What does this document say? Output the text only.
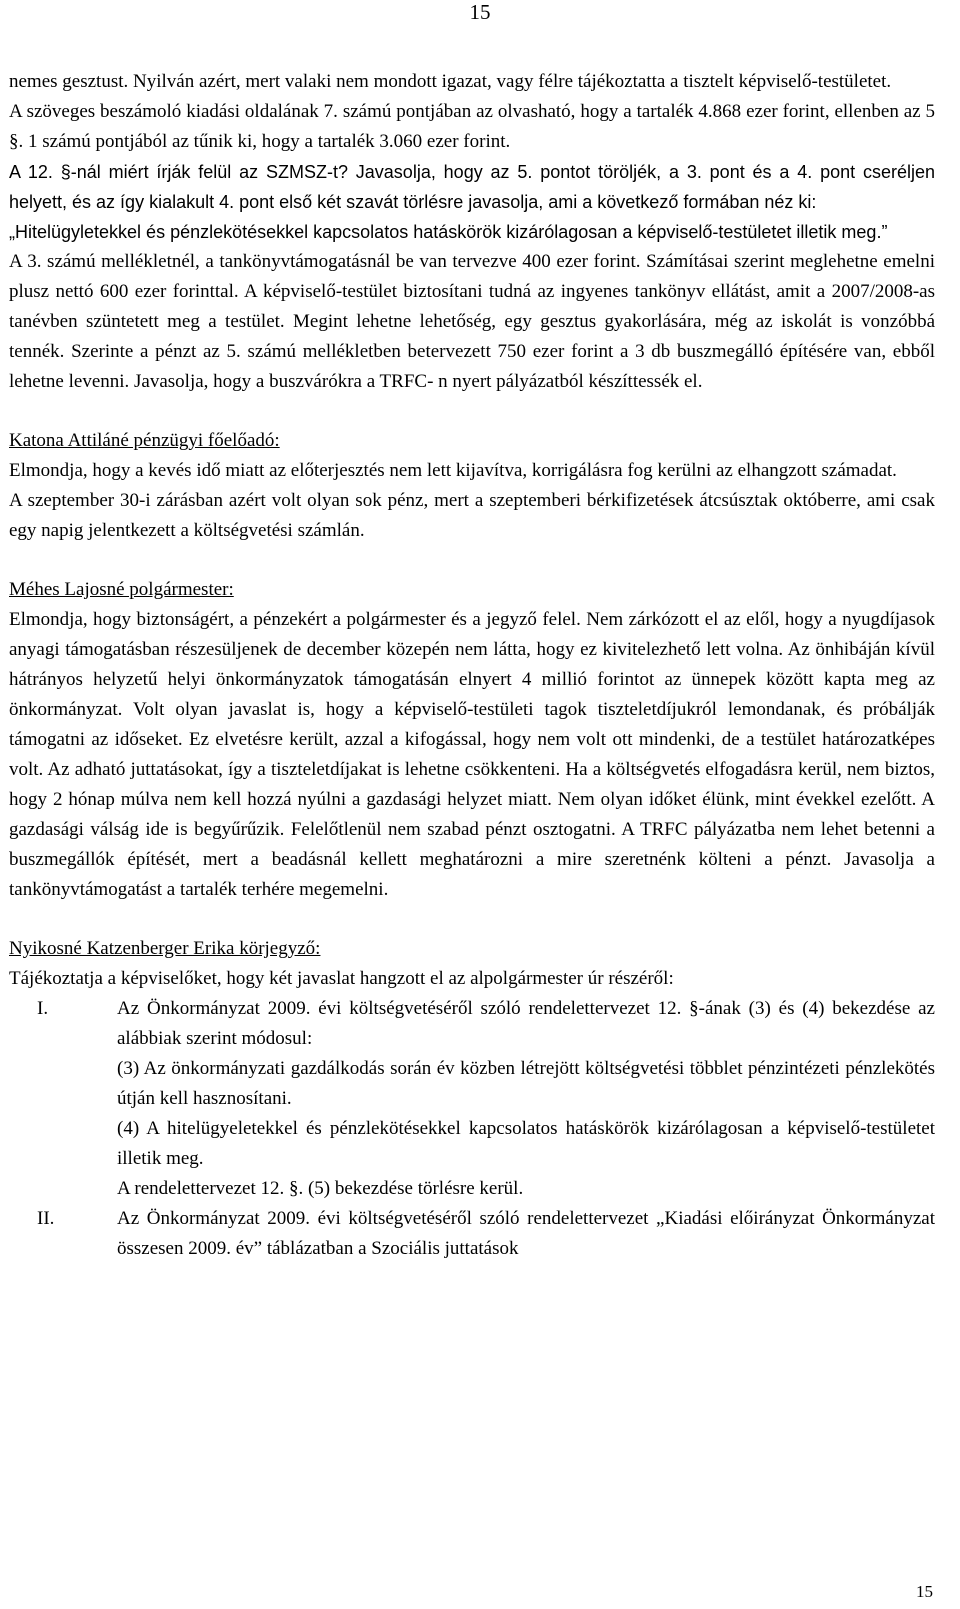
15

nemes gesztust. Nyilván azért, mert valaki nem mondott igazat, vagy félre tájékoztatta a tisztelt képviselő-testületet.

A szöveges beszámoló kiadási oldalának 7. számú pontjában az olvasható, hogy a tartalék 4.868 ezer forint, ellenben az 5 §. 1 számú pontjából az tűnik ki, hogy a tartalék 3.060 ezer forint.

A 12. §-nál miért írják felül az SZMSZ-t? Javasolja, hogy az 5. pontot töröljék, a 3. pont és a 4. pont cseréljen helyett, és az így kialakult 4. pont első két szavát törlésre javasolja, ami a következő formában néz ki:

„Hitelügyletekkel és pénzlekötésekkel kapcsolatos hatáskörök kizárólagosan a képviselő-testületet illetik meg.”

A 3. számú mellékletnél, a tankönyvtámogatásnál be van tervezve 400 ezer forint. Számításai szerint meglehetne emelni plusz nettó 600 ezer forinttal. A képviselő-testület biztosítani tudná az ingyenes tankönyv ellátást, amit a 2007/2008-as tanévben szüntetett meg a testület. Megint lehetne lehetőség, egy gesztus gyakorlására, még az iskolát is vonzóbbá tennék. Szerinte a pénzt az 5. számú mellékletben betervezett 750 ezer forint a 3 db buszmegálló építésére van, ebből lehetne levenni. Javasolja, hogy a buszvárókra a TRFC- n nyert pályázatból készíttessék el.

Katona Attiláné pénzügyi főelőadó:

Elmondja, hogy a kevés idő miatt az előterjesztés nem lett kijavítva, korrigálásra fog kerülni az elhangzott számadat.

A szeptember 30-i zárásban azért volt olyan sok pénz, mert a szeptemberi bérkifizetések átcsúsztak októberre, ami csak egy napig jelentkezett a költségvetési számlán.

Méhes Lajosné polgármester:

Elmondja, hogy biztonságért, a pénzekért a polgármester és a jegyző felel. Nem zárkózott el az elől, hogy a nyugdíjasok anyagi támogatásban részesüljenek de december közepén nem látta, hogy ez kivitelezhető lett volna. Az önhibáján kívül hátrányos helyzetű helyi önkormányzatok támogatásán elnyert 4 millió forintot az ünnepek között kapta meg az önkormányzat. Volt olyan javaslat is, hogy a képviselő-testületi tagok tiszteletdíjukról lemondanak, és próbálják támogatni az időseket. Ez elvetésre került, azzal a kifogással, hogy nem volt ott mindenki, de a testület határozatképes volt. Az adható juttatásokat, így a tiszteletdíjakat is lehetne csökkenteni. Ha a költségvetés elfogadásra kerül, nem biztos, hogy 2 hónap múlva nem kell hozzá nyúlni a gazdasági helyzet miatt. Nem olyan időket élünk, mint évekkel ezelőtt. A gazdasági válság ide is begyűrűzik. Felelőtlenül nem szabad pénzt osztogatni. A TRFC pályázatba nem lehet betenni a buszmegállók építését, mert a beadásnál kellett meghatározni a mire szeretnénk költeni a pénzt. Javasolja a tankönyvtámogatást a tartalék terhére megemelni.

Nyikosné Katzenberger Erika körjegyző:

Tájékoztatja a képviselőket, hogy két javaslat hangzott el az alpolgármester úr részéről:

I.	Az Önkormányzat 2009. évi költségvetéséről szóló rendelettervezet 12. §-ának (3) és (4) bekezdése az alábbiak szerint módosul:

(3) Az önkormányzati gazdálkodás során év közben létrejött költségvetési többlet pénzintézeti pénzlekötés útján kell hasznosítani.

(4) A hitelügyeletekkel és pénzlekötésekkel kapcsolatos hatáskörök kizárólagosan a képviselő-testületet illetik meg.

A rendelettervezet 12. §. (5) bekezdése törlésre kerül.

II.	Az Önkormányzat 2009. évi költségvetéséről szóló rendelettervezet „Kiadási előirányzat Önkormányzat összesen 2009. év” táblázatban a Szociális juttatások

15
